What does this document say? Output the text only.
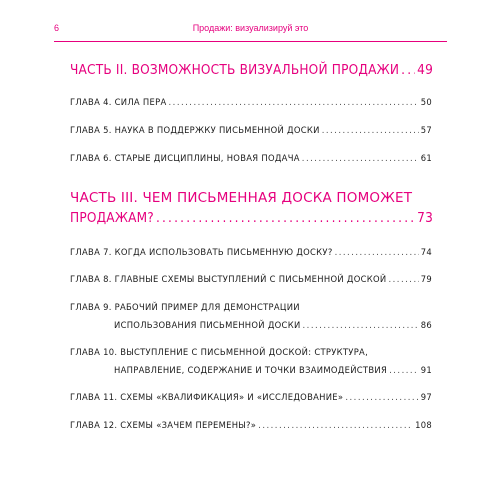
6	Продажи: визуализируй это
ЧАСТЬ II. ВОЗМОЖНОСТЬ ВИЗУАЛЬНОЙ ПРОДАЖИ ..... 49
ГЛАВА 4. СИЛА ПЕРА .....	50
ГЛАВА 5. НАУКА В ПОДДЕРЖКУ ПИСЬМЕННОЙ ДОСКИ .....	57
ГЛАВА 6. СТАРЫЕ ДИСЦИПЛИНЫ, НОВАЯ ПОДАЧА .....	61
ЧАСТЬ III. ЧЕМ ПИСЬМЕННАЯ ДОСКА ПОМОЖЕТ
ПРОДАЖАМ? .....	73
ГЛАВА 7. КОГДА ИСПОЛЬЗОВАТЬ ПИСЬМЕННУЮ ДОСКУ? .....	74
ГЛАВА 8. ГЛАВНЫЕ СХЕМЫ ВЫСТУПЛЕНИЙ С ПИСЬМЕННОЙ ДОСКОЙ .....	79
ГЛАВА 9. РАБОЧИЙ ПРИМЕР ДЛЯ ДЕМОНСТРАЦИИ
ИСПОЛЬЗОВАНИЯ ПИСЬМЕННОЙ ДОСКИ .....	86
ГЛАВА 10. ВЫСТУПЛЕНИЕ С ПИСЬМЕННОЙ ДОСКОЙ: СТРУКТУРА,
НАПРАВЛЕНИЕ, СОДЕРЖАНИЕ И ТОЧКИ ВЗАИМОДЕЙСТВИЯ .....	91
ГЛАВА 11. СХЕМЫ «КВАЛИФИКАЦИЯ» И «ИССЛЕДОВАНИЕ» .....	97
ГЛАВА 12. СХЕМЫ «ЗАЧЕМ ПЕРЕМЕНЫ?» .....	108
